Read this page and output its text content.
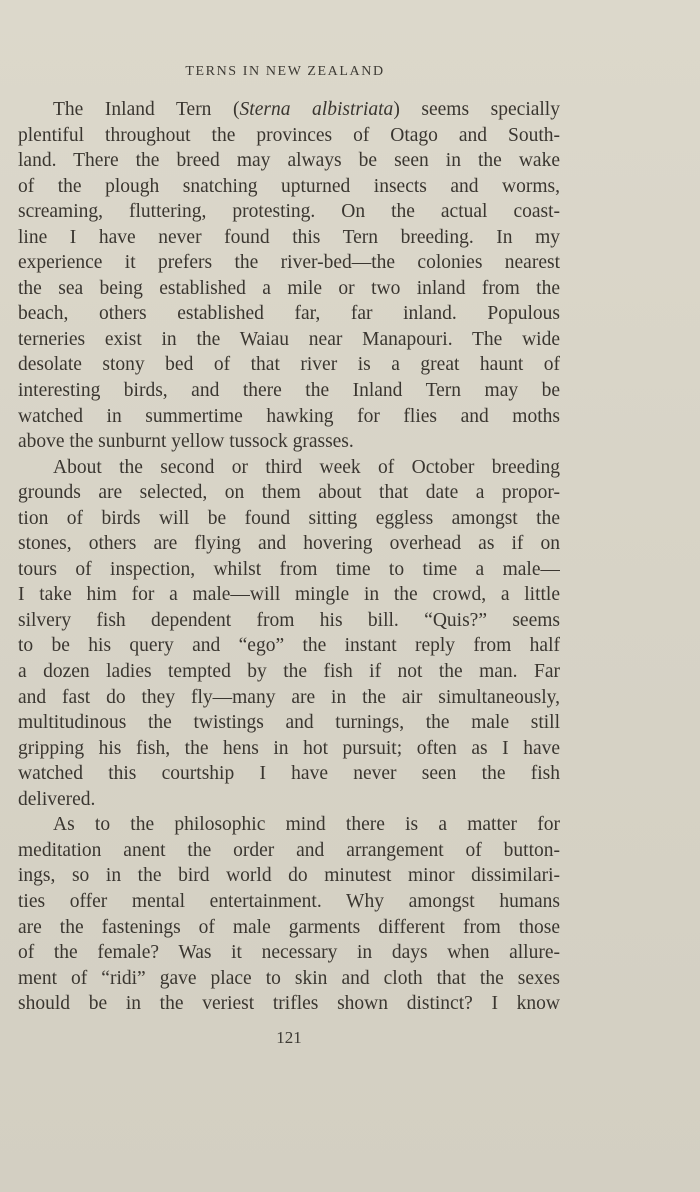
TERNS IN NEW ZEALAND
The Inland Tern (Sterna albistriata) seems specially
plentiful throughout the provinces of Otago and South-
land. There the breed may always be seen in the wake
of the plough snatching upturned insects and worms,
screaming, fluttering, protesting. On the actual coast-
line I have never found this Tern breeding. In my
experience it prefers the river-bed—the colonies nearest
the sea being established a mile or two inland from the
beach, others established far, far inland. Populous
terneries exist in the Waiau near Manapouri. The wide
desolate stony bed of that river is a great haunt of
interesting birds, and there the Inland Tern may be
watched in summertime hawking for flies and moths
above the sunburnt yellow tussock grasses.
About the second or third week of October breeding
grounds are selected, on them about that date a propor-
tion of birds will be found sitting eggless amongst the
stones, others are flying and hovering overhead as if on
tours of inspection, whilst from time to time a male—
I take him for a male—will mingle in the crowd, a little
silvery fish dependent from his bill. “Quis?” seems
to be his query and “ego” the instant reply from half
a dozen ladies tempted by the fish if not the man. Far
and fast do they fly—many are in the air simultaneously,
multitudinous the twistings and turnings, the male still
gripping his fish, the hens in hot pursuit; often as I have
watched this courtship I have never seen the fish
delivered.
As to the philosophic mind there is a matter for
meditation anent the order and arrangement of button-
ings, so in the bird world do minutest minor dissimilari-
ties offer mental entertainment. Why amongst humans
are the fastenings of male garments different from those
of the female? Was it necessary in days when allure-
ment of “ridi” gave place to skin and cloth that the sexes
should be in the veriest trifles shown distinct? I know
121
